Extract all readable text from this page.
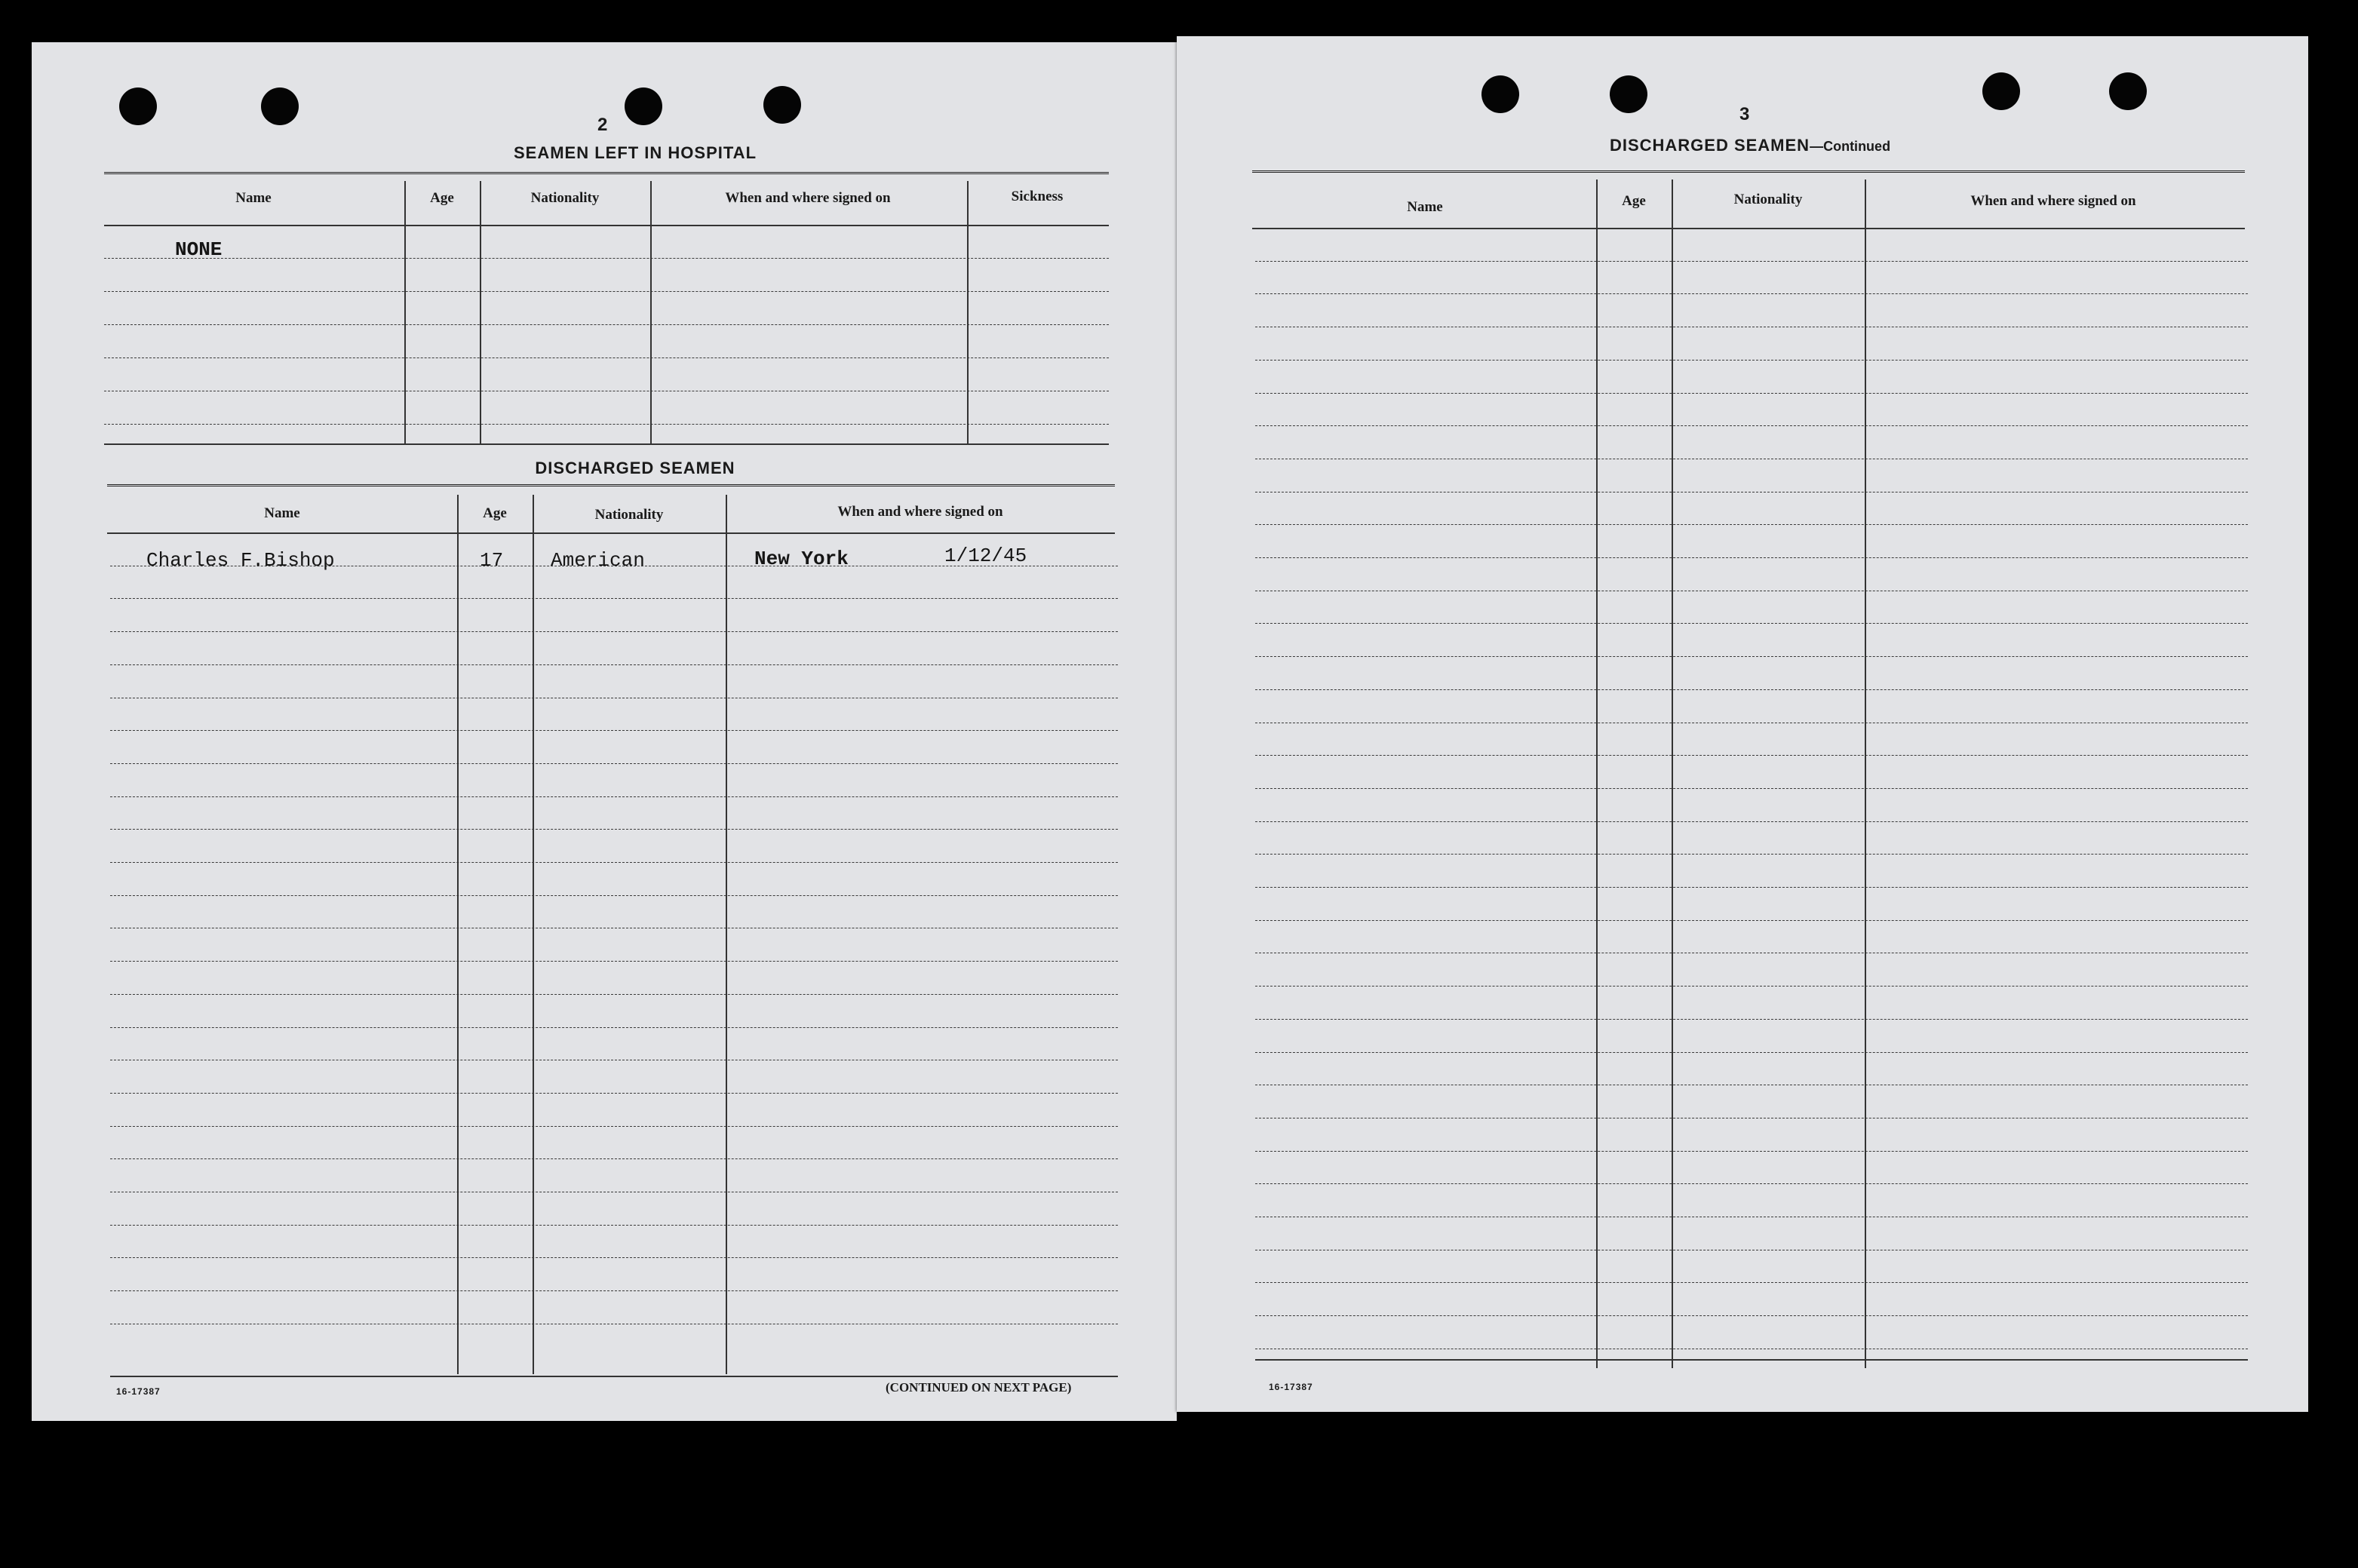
2
SEAMEN LEFT IN HOSPITAL
Name	Age	Nationality	When and where signed on	Sickness
NONE
DISCHARGED SEAMEN
Name	Age	Nationality	When and where signed on
Charles F.Bishop	17 American	New York	1/12/45
16-17387	(CONTINUED ON NEXT PAGE)
3
DISCHARGED SEAMEN—Continued
Name	Age	Nationality	When and where signed on
16-17387
